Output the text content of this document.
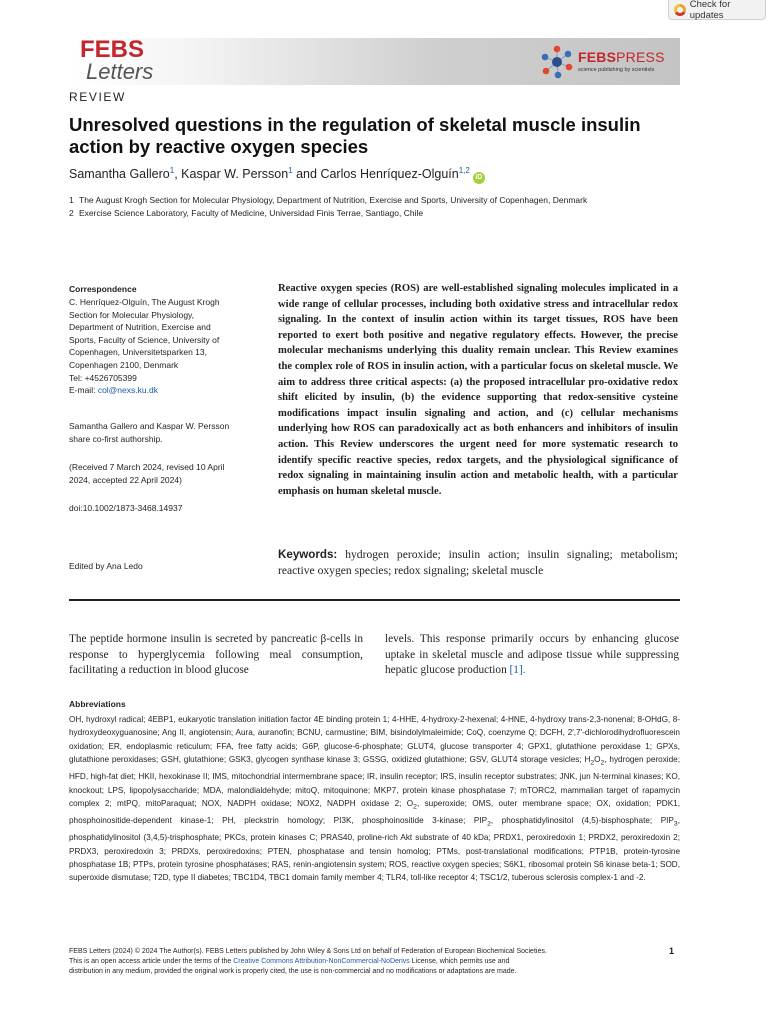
Check for updates
FEBS
Letters
FEBSPRESS
science publishing by scientists
REVIEW
Unresolved questions in the regulation of skeletal muscle insulin action by reactive oxygen species
Samantha Gallero$^1$, Kaspar W. Persson$^1$ and Carlos Henríquez-Olguín$^{1,2}$iD
1 The August Krogh Section for Molecular Physiology, Department of Nutrition, Exercise and Sports, University of Copenhagen, Denmark
2 Exercise Science Laboratory, Faculty of Medicine, Universidad Finis Terrae, Santiago, Chile
Correspondence
C. Henríquez-Olguín, The August Krogh
Section for Molecular Physiology,
Department of Nutrition, Exercise and
Sports, Faculty of Science, University of
Copenhagen, Universitetsparken 13,
Copenhagen 2100, Denmark
Tel: +4526705399
E-mail: col@nexs.ku.dk
Samantha Gallero and Kaspar W. Persson
share co-first authorship.
(Received 7 March 2024, revised 10 April
2024, accepted 22 April 2024)
doi:10.1002/1873-3468.14937
Edited by Ana Ledo
Reactive oxygen species (ROS) are well-established signaling molecules implicated in a wide range of cellular processes, including both oxidative stress and intracellular redox signaling. In the context of insulin action within its target tissues, ROS have been reported to exert both positive and negative regulatory effects. However, the precise molecular mechanisms underlying this duality remain unclear. This Review examines the complex role of ROS in insulin action, with a particular focus on skeletal muscle. We aim to address three critical aspects: (a) the proposed intracellular pro-oxidative redox shift elicited by insulin, (b) the evidence supporting that redox-sensitive cysteine modifications impact insulin signaling and action, and (c) cellular mechanisms underlying how ROS can paradoxically act as both enhancers and inhibitors of insulin action. This Review underscores the urgent need for more systematic research to identify specific reactive species, redox targets, and the physiological significance of redox signaling in maintaining insulin action and metabolic health, with a particular emphasis on human skeletal muscle.
Keywords: hydrogen peroxide; insulin action; insulin signaling; metabolism; reactive oxygen species; redox signaling; skeletal muscle
The peptide hormone insulin is secreted by pancreatic β-cells in response to hyperglycemia following meal consumption, facilitating a reduction in blood glucose
levels. This response primarily occurs by enhancing glucose uptake in skeletal muscle and adipose tissue while suppressing hepatic glucose production [1].
Abbreviations
OH, hydroxyl radical; 4EBP1, eukaryotic translation initiation factor 4E binding protein 1; 4-HHE, 4-hydroxy-2-hexenal; 4-HNE, 4-hydroxy trans-2,3-nonenal; 8-OHdG, 8-hydroxydeoxyguanosine; Ang II, angiotensin; Aura, auranofin; BCNU, carmustine; BIM, bisindolylmaleimide; CoQ, coenzyme Q; DCFH, 2′,7′-dichlorodihydrofluorescein oxidation; ER, endoplasmic reticulum; FFA, free fatty acids; G6P, glucose-6-phosphate; GLUT4, glucose transporter 4; GPX1, glutathione peroxidase 1; GPXs, glutathione peroxidases; GSH, glutathione; GSK3, glycogen synthase kinase 3; GSSG, oxidized glutathione; GSV, GLUT4 storage vesicles; $H_2O_2$, hydrogen peroxide; HFD, high-fat diet; HKII, hexokinase II; IMS, mitochondrial intermembrane space; IR, insulin receptor; IRS, insulin receptor substrates; JNK, jun N-terminal kinases; KO, knockout; LPS, lipopolysaccharide; MDA, malondialdehyde; mitoQ, mitoquinone; MKP7, protein kinase phosphatase 7; mTORC2, mammalian target of rapamycin complex 2; mtPQ, mitoParaquat; NOX, NADPH oxidase; NOX2, NADPH oxidase 2; $O_2$, superoxide; OMS, outer membrane space; OX, oxidation; PDK1, phosphoinositide-dependent kinase-1; PH, pleckstrin homology; PI3K, phosphoinositide 3-kinase; $PIP_2$, phosphatidylinositol (4,5)-bisphosphate; $PIP_3$, phosphatidylinositol (3,4,5)-trisphosphate; PKCs, protein kinases C; PRAS40, proline-rich Akt substrate of 40 kDa; PRDX1, peroxiredoxin 1; PRDX2, peroxiredoxin 2; PRDX3, peroxiredoxin 3; PRDXs, peroxiredoxins; PTEN, phosphatase and tensin homolog; PTMs, post-translational modifications; PTP1B, protein-tyrosine phosphatase 1B; PTPs, protein tyrosine phosphatases; RAS, renin-angiotensin system; ROS, reactive oxygen species; S6K1, ribosomal protein S6 kinase beta-1; SOD, superoxide dismutase; T2D, type II diabetes; TBC1D4, TBC1 domain family member 4; TLR4, toll-like receptor 4; TSC1/2, tuberous sclerosis complex-1 and -2.
FEBS Letters (2024) © 2024 The Author(s). FEBS Letters published by John Wiley & Sons Ltd on behalf of Federation of European Biochemical Societies.
This is an open access article under the terms of the Creative Commons Attribution-NonCommercial-NoDerivs License, which permits use and
distribution in any medium, provided the original work is properly cited, the use is non-commercial and no modifications or adaptations are made.
1
